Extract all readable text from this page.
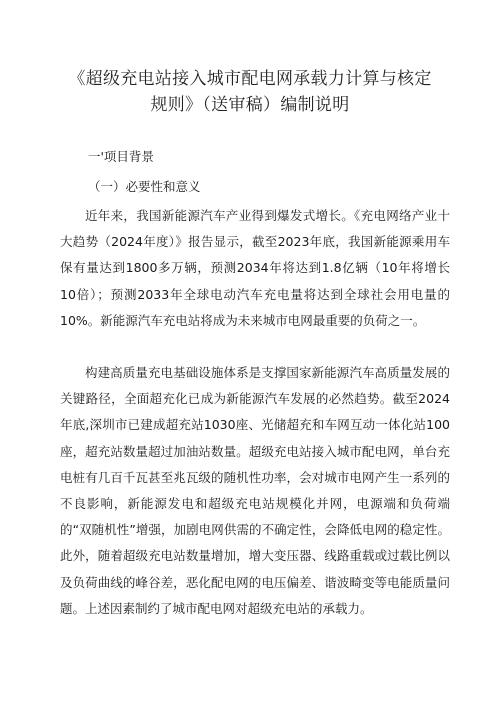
《超级充电站接入城市配电网承载力计算与核定
规则》（送审稿）编制说明
一'项目背景
（一）必要性和意义

近年来，我国新能源汽车产业得到爆发式增长。《充电网络产业十大趋势（2024年度）》报告显示，截至2023年底，我国新能源乘用车保有量达到1800多万辆，预测2034年将达到1.8亿辆（10年将增长10倍）；预测2033年全球电动汽车充电量将达到全球社会用电量的10%。新能源汽车充电站将成为未来城市电网最重要的负荷之一。

构建高质量充电基础设施体系是支撑国家新能源汽车高质量发展的关键路径，全面超充化已成为新能源汽车发展的必然趋势。截至2024年底,深圳市已建成超充站1030座、光储超充和车网互动一体化站100座，超充站数量超过加油站数量。超级充电站接入城市配电网，单台充电桩有几百千瓦甚至兆瓦级的随机性功率，会对城市电网产生一系列的不良影响，新能源发电和超级充电站规模化并网，电源端和负荷端的“双随机性”增强，加剧电网供需的不确定性，会降低电网的稳定性。此外，随着超级充电站数量增加，增大变压器、线路重载或过载比例以及负荷曲线的峰谷差，恶化配电网的电压偏差、谐波畸变等电能质量问题。上述因素制约了城市配电网对超级充电站的承载力。
